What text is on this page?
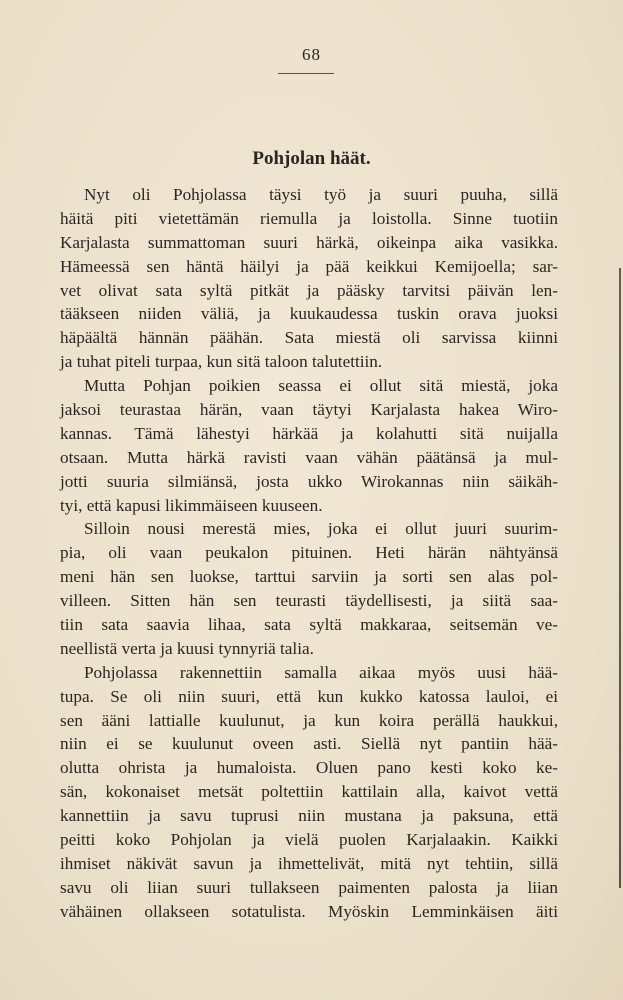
68
Pohjolan häät.
Nyt oli Pohjolassa täysi työ ja suuri puuha, sillä
häitä piti vietettämän riemulla ja loistolla. Sinne tuotiin
Karjalasta summattoman suuri härkä, oikeinpa aika vasikka.
Hämeessä sen häntä häilyi ja pää keikkui Kemijoella; sar-
vet olivat sata syltä pitkät ja pääsky tarvitsi päivän len-
tääkseen niiden väliä, ja kuukaudessa tuskin orava juoksi
häpäältä hännän päähän. Sata miestä oli sarvissa kiinni
ja tuhat piteli turpaa, kun sitä taloon talutettiin.
Mutta Pohjan poikien seassa ei ollut sitä miestä, joka
jaksoi teurastaa härän, vaan täytyi Karjalasta hakea Wiro-
kannas. Tämä lähestyi härkää ja kolahutti sitä nuijalla
otsaan. Mutta härkä ravisti vaan vähän päätänsä ja mul-
jotti suuria silmiänsä, josta ukko Wirokannas niin säikäh-
tyi, että kapusi likimmäiseen kuuseen.
Silloin nousi merestä mies, joka ei ollut juuri suurim-
pia, oli vaan peukalon pituinen. Heti härän nähtyänsä
meni hän sen luokse, tarttui sarviin ja sorti sen alas pol-
villeen. Sitten hän sen teurasti täydellisesti, ja siitä saa-
tiin sata saavia lihaa, sata syltä makkaraa, seitsemän ve-
neellistä verta ja kuusi tynnyriä talia.
Pohjolassa rakennettiin samalla aikaa myös uusi hää-
tupa. Se oli niin suuri, että kun kukko katossa lauloi, ei
sen ääni lattialle kuulunut, ja kun koira perällä haukkui,
niin ei se kuulunut oveen asti. Siellä nyt pantiin hää-
oluttа ohrista ja humaloista. Oluen pano kesti koko ke-
sän, kokonaiset metsät poltettiin kattilain alla, kaivot vettä
kannettiin ja savu tuprusi niin mustana ja paksuna, että
peitti koko Pohjolan ja vielä puolen Karjalaakin. Kaikki
ihmiset näkivät savun ja ihmettelivät, mitä nyt tehtiin, sillä
savu oli liian suuri tullakseen paimenten palosta ja liian
vähäinen ollakseen sotatulista. Myöskin Lemminkäisen äiti
